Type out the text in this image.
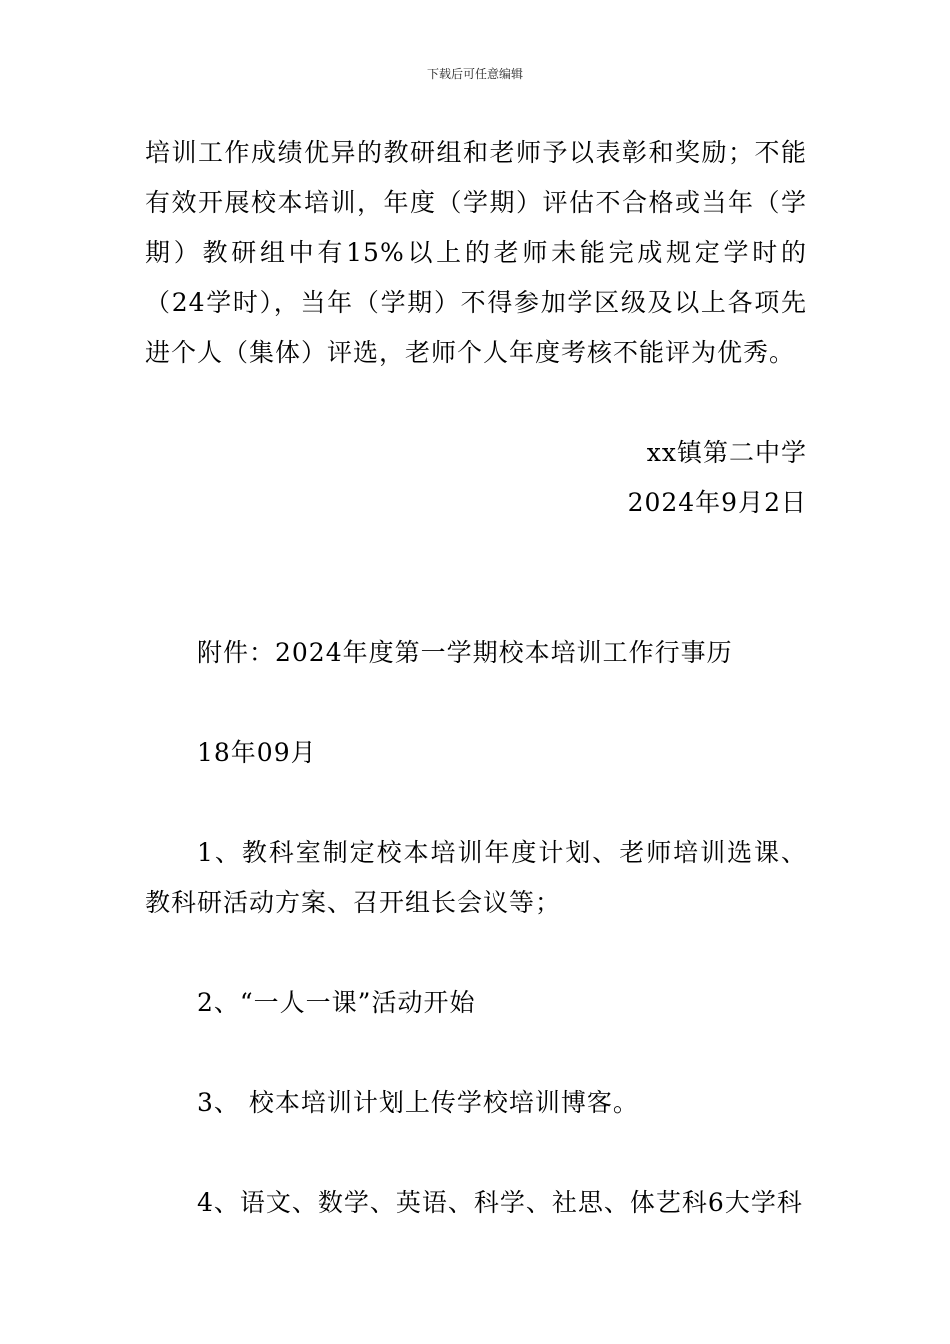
下载后可任意编辑

培训工作成绩优异的教研组和老师予以表彰和奖励；不能有效开展校本培训，年度（学期）评估不合格或当年（学期）教研组中有15%以上的老师未能完成规定学时的（24学时），当年（学期）不得参加学区级及以上各项先进个人（集体）评选，老师个人年度考核不能评为优秀。

xx镇第二中学

2024年9月2日

附件：2024年度第一学期校本培训工作行事历

18年09月

1、教科室制定校本培训年度计划、老师培训选课、教科研活动方案、召开组长会议等；

2、“一人一课”活动开始

3、 校本培训计划上传学校培训博客。

4、语文、数学、英语、科学、社思、体艺科6大学科
